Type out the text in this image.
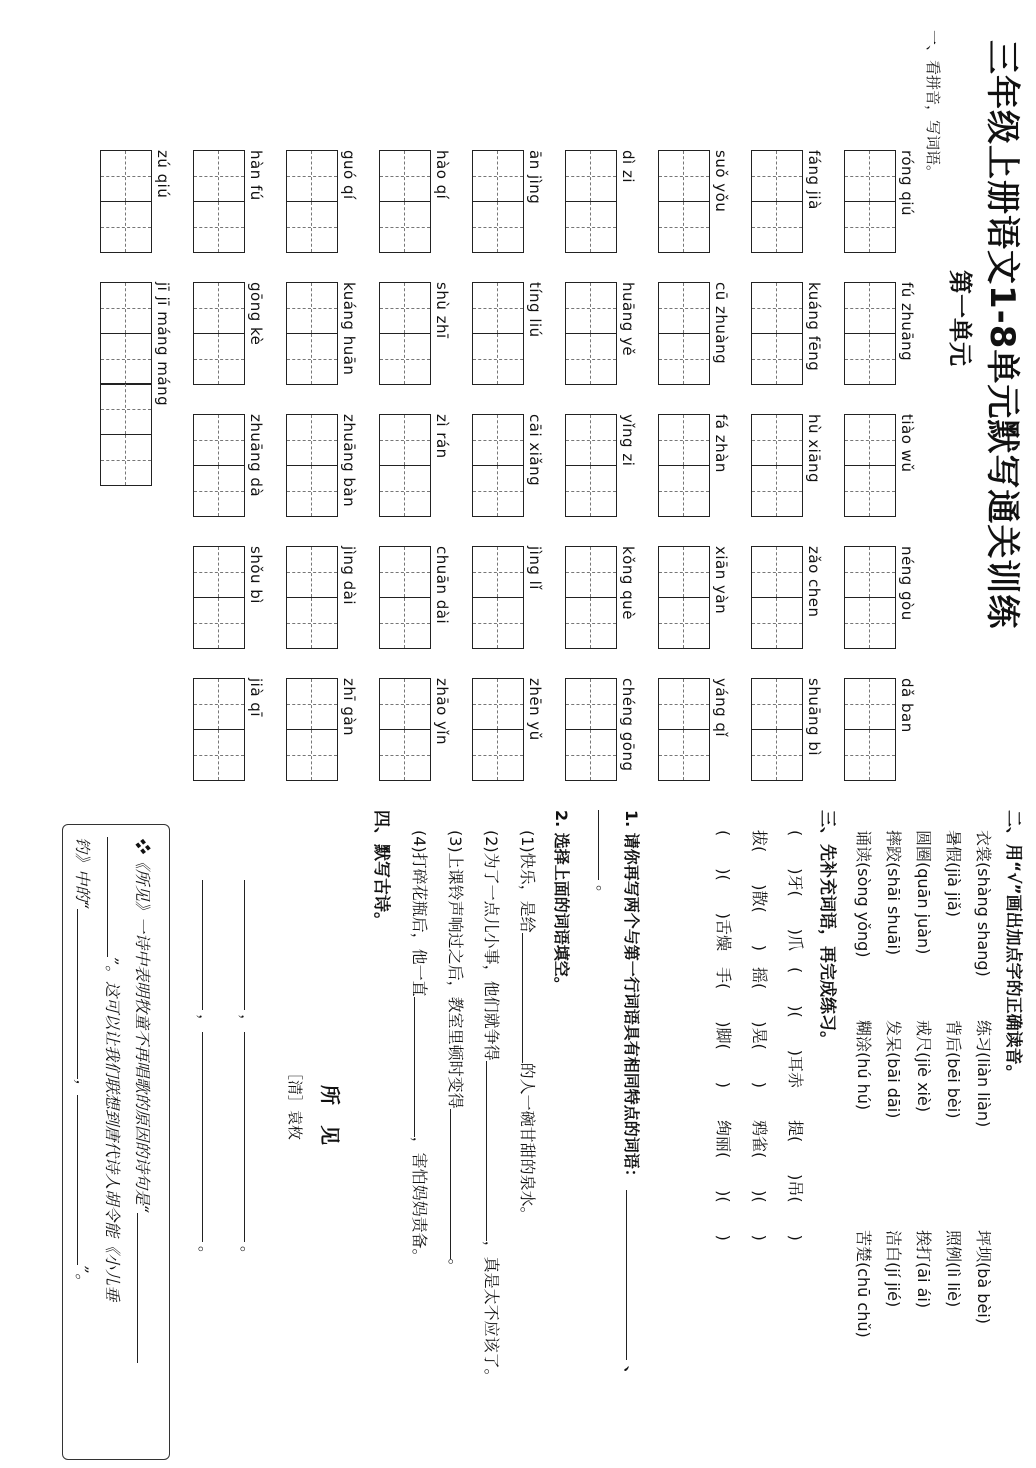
三年级上册语文1-8单元默写通关训练
第一单元
一、看拼音，写词语。
róng qiú
fú zhuāng
tiào wǔ
néng gòu
dǎ ban
fáng jià
kuáng fēng
hù xiāng
zǎo chen
shuāng bì
suǒ yǒu
cū zhuàng
fá zhàn
xiān yàn
yáng qǐ
dì zi
huāng yě
yǐng zi
kǒng què
chéng gōng
ān jìng
tíng liú
cāi xiǎng
jìng lǐ
zhēn yǔ
hào qí
shù zhī
zì rán
chuān dài
zhāo yǐn
guó qí
kuáng huān
zhuāng bàn
jìng dài
zhī gàn
hàn fú
gōng kè
zhuāng dà
shǒu bì
jià qī
zú qiú
jī jī máng máng
二、用“√”画出加点字的正确读音。
衣裳(shàng shang)
练习(liàn liàn)
坪坝(bà bèi)
暑假(jià jiǎ)
背后(bēi bèi)
照例(lì liè)
圆圈(quān juàn)
戒尺(jiè xiè)
挨打(āi ái)
摔跤(shāi shuāi)
发呆(bāi dāi)
洁白(jí jié)
诵读(sòng yǒng)
糊涂(hú hú)
苦楚(chū chǔ)
三、先补充词语，再完成练习。
(　　)牙(　　)爪　(　　)(　　)耳赤　　提(　　)吊(　　)
拔(　　)散(　　)　摇(　　)晃(　　)　　鸦雀(　　)(　　)
(　　)(　　)舌燥　手(　　)脚(　　)　　绚丽(　　)(　　)
1. 请你再写两个与第一行词语具有相同特点的词语：  、
。
2. 选择上面的词语填空。
(1)快乐，是给的人一碗甘甜的泉水。
(2)为了一点儿小事，他们就争得，真是太不应该了。
(3)上课铃声响过之后，教室里顿时变得。
(4)打碎花瓶后，他一直，害怕妈妈责备。
四、默写古诗。
所　见
［清］袁枚
，
。
，
。
❖《所见》一诗中表明牧童不再唱歌的原因的诗句是“
”。这可以让我们联想到唐代诗人胡令能《小儿垂
钓》中的“，”。
